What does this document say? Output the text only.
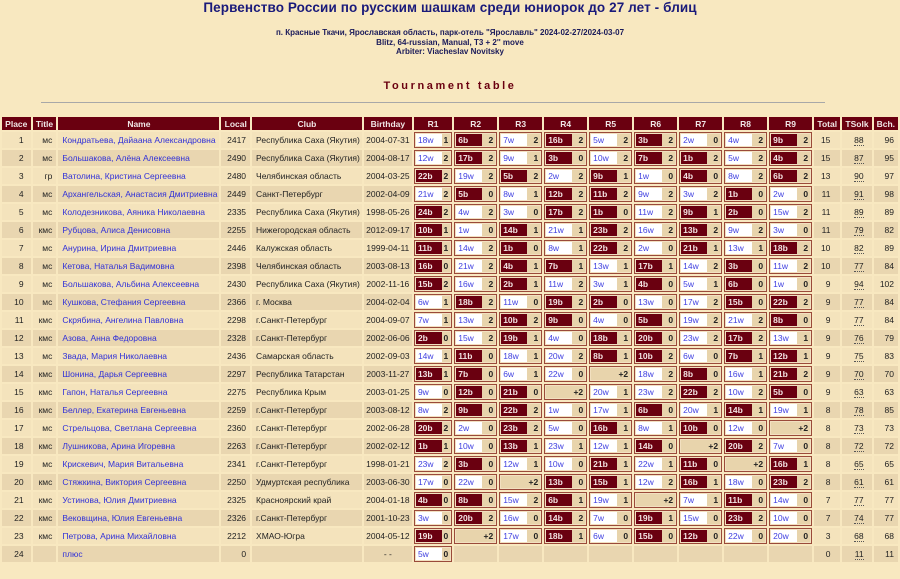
Первенство России по русским шашкам среди юниорок до 27 лет - блиц
п. Красные Ткачи, Ярославская область, парк-отель "Ярославль" 2024-02-27/2024-03-07
Blitz, 64-russian, Manual, T3 + 2'' move
Arbiter: Viacheslav Novitsky
Tournament table
Place	Title	Name	Local	Club	Birthday	R1	R2	R3	R4	R5	R6	R7	R8	R9	Total	TSolk	Bch.
1	мс	Кондратьева, Дайаана Александровна	2417	Республика Саха (Якутия)	2004-07-31	18w 1	6b 2	7w 2	16b 2	5w 2	3b 2	2w 0	4w 2	9b 2	15	88	96
2	мс	Большакова, Алёна Алексеевна	2490	Республика Саха (Якутия)	2004-08-17	12w 2	17b 2	9w 1	3b 0	10w 2	7b 2	1b 2	5w 2	4b 2	15	87	95
3	гр	Ватолина, Кристина Сергеевна	2480	Челябинская область	2004-03-25	22b 2	19w 2	5b 2	2w 2	9b 1	1w 0	4b 0	8w 2	6b 2	13	90	97
4	мс	Архангельская, Анастасия Дмитриевна	2449	Санкт-Петербург	2002-04-09	21w 2	5b 0	8w 1	12b 2	11b 2	9w 2	3w 2	1b 0	2w 0	11	91	98
5	мс	Колодезникова, Аяника Николаевна	2335	Республика Саха (Якутия)	1998-05-26	24b 2	4w 2	3w 0	17b 2	1b 0	11w 2	9b 1	2b 0	15w 2	11	89	89
6	кмс	Рубцова, Алиса Денисовна	2255	Нижегородская область	2012-09-17	10b 1	1w 0	14b 1	21w 1	23b 2	16w 2	13b 2	9w 2	3w 0	11	79	82
7	мс	Анурина, Ирина Дмитриевна	2446	Калужская область	1999-04-11	11b 1	14w 2	1b 0	8w 1	22b 2	2w 0	21b 1	13w 1	18b 2	10	82	89
8	мс	Кетова, Наталья Вадимовна	2398	Челябинская область	2003-08-13	16b 0	21w 2	4b 1	7b 1	13w 1	17b 1	14w 2	3b 0	11w 2	10	77	84
9	мс	Большакова, Альбина Алексеевна	2430	Республика Саха (Якутия)	2002-11-16	15b 2	16w 2	2b 1	11w 2	3w 1	4b 0	5w 1	6b 0	1w 0	9	94	102
10	мс	Кушкова, Стефания Сергеевна	2366	г. Москва	2004-02-04	6w 1	18b 2	11w 0	19b 2	2b 0	13w 0	17w 2	15b 0	22b 2	9	77	84
11	кмс	Скрябина, Ангелина Павловна	2298	г.Санкт-Петербург	2004-09-07	7w 1	13w 2	10b 2	9b 0	4w 0	5b 0	19w 2	21w 2	8b 0	9	77	84
12	кмс	Азова, Анна Федоровна	2328	г.Санкт-Петербург	2002-06-06	2b 0	15w 2	19b 1	4w 0	18b 1	20b 0	23w 2	17b 2	13w 1	9	76	79
13	мс	Звада, Мария Николаевна	2436	Самарская область	2002-09-03	14w 1	11b 0	18w 1	20w 2	8b 1	10b 2	6w 0	7b 1	12b 1	9	75	83
14	кмс	Шонина, Дарья Сергеевна	2297	Республика Татарстан	2003-11-27	13b 1	7b 0	6w 1	22w 0	+2	18w 2	8b 0	16w 1	21b 2	9	70	70
15	кмс	Гапон, Наталья Сергеевна	2275	Республика Крым	2003-01-25	9w 0	12b 0	21b 0	+2	20w 1	23w 2	22b 2	10w 2	5b 0	9	63	63
16	кмс	Беллер, Екатерина Евгеньевна	2259	г.Санкт-Петербург	2003-08-12	8w 2	9b 0	22b 2	1w 0	17w 1	6b 0	20w 1	14b 1	19w 1	8	78	85
17	мс	Стрельцова, Светлана Сергеевна	2360	г.Санкт-Петербург	2002-06-28	20b 2	2w 0	23b 2	5w 0	16b 1	8w 1	10b 0	12w 0	+2	8	73	73
18	кмс	Лушникова, Арина Игоревна	2263	г.Санкт-Петербург	2002-02-12	1b 1	10w 0	13b 1	23w 1	12w 1	14b 0	+2	20b 2	7w 0	8	72	72
19	мс	Крискевич, Мария Витальевна	2341	г.Санкт-Петербург	1998-01-21	23w 2	3b 0	12w 1	10w 0	21b 1	22w 1	11b 0	+2	16b 1	8	65	65
20	кмс	Стяжкина, Виктория Сергеевна	2250	Удмуртская республика	2003-06-30	17w 0	22w 0	+2	13b 0	15b 1	12w 2	16b 1	18w 0	23b 2	8	61	61
21	кмс	Устинова, Юлия Дмитриевна	2325	Красноярский край	2004-01-18	4b 0	8b 0	15w 2	6b 1	19w 1	+2	7w 1	11b 0	14w 0	7	77	77
22	кмс	Вековщина, Юлия Евгеньевна	2326	г.Санкт-Петербург	2001-10-23	3w 0	20b 2	16w 0	14b 2	7w 0	19b 1	15w 0	23b 2	10w 0	7	74	77
23	кмс	Петрова, Арина Михайловна	2212	ХМАО-Югра	2004-05-12	19b 0	+2	17w 0	18b 1	6w 0	15b 0	12b 0	22w 0	20w 0	3	68	68
24		плюс	0		- -	5w 0									0	11	11
